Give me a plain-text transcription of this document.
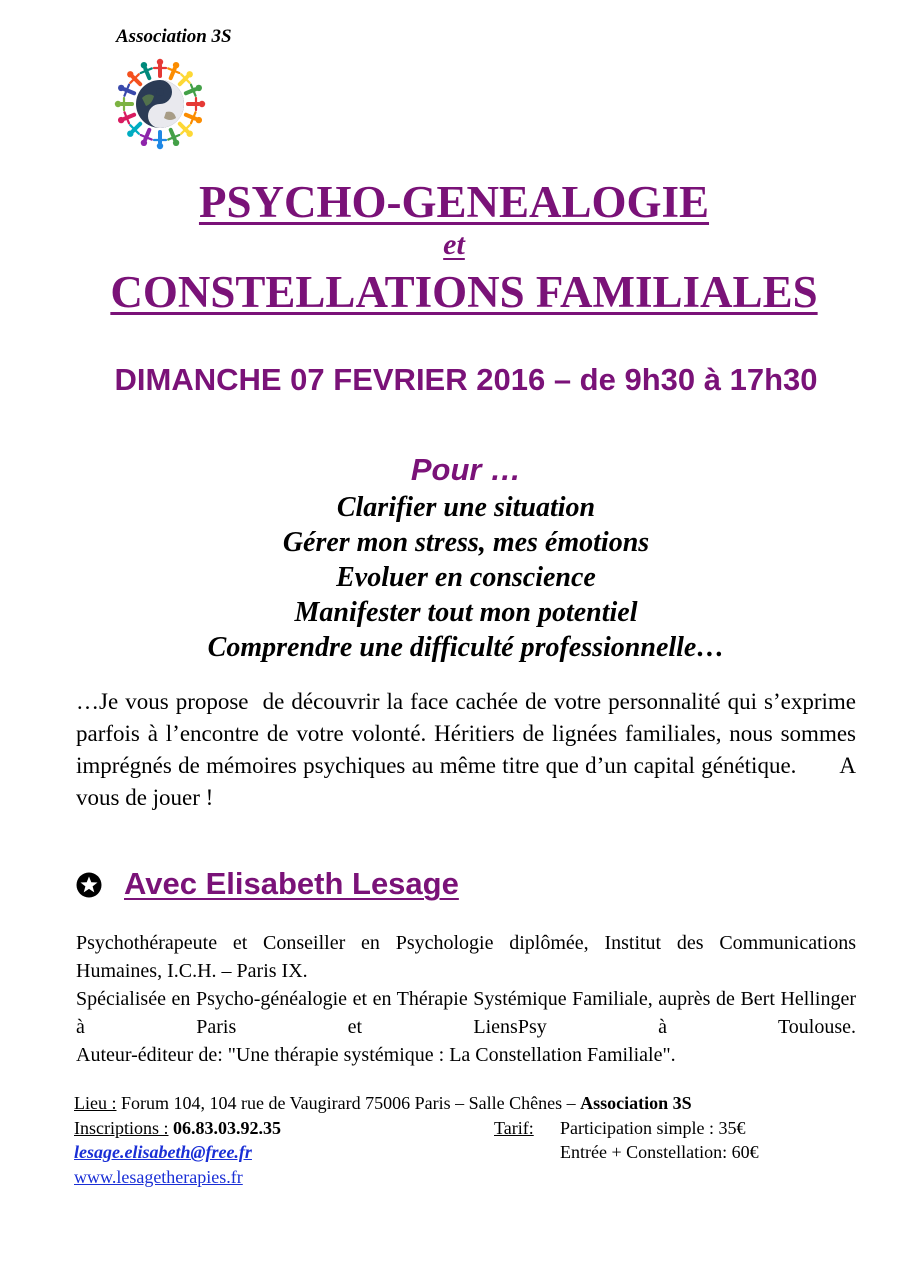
Association 3S
PSYCHO-GENEALOGIE
et
CONSTELLATIONS FAMILIALES
DIMANCHE 07 FEVRIER 2016 – de 9h30 à 17h30
Pour …
Clarifier une situation
Gérer mon stress, mes émotions
Evoluer en conscience
Manifester tout mon potentiel
Comprendre une difficulté professionnelle…
…Je vous propose  de découvrir la face cachée de votre personnalité qui s’exprime parfois à l’encontre de votre volonté. Héritiers de lignées familiales, nous sommes imprégnés de mémoires psychiques au même titre que d’un capital génétique.       A vous de jouer !
Avec Elisabeth Lesage

Psychothérapeute et Conseiller en Psychologie diplômée, Institut des Communications Humaines, I.C.H. – Paris IX.

Spécialisée en Psycho-généalogie et en Thérapie Systémique Familiale, auprès de Bert Hellinger à Paris et LiensPsy à Toulouse.

Auteur-éditeur de: "Une thérapie systémique : La Constellation Familiale".

Lieu : Forum 104, 104 rue de Vaugirard 75006 Paris – Salle Chênes – Association 3S
Inscriptions : 06.83.03.92.35	Tarif: Participation simple : 35€
lesage.elisabeth@free.fr	Entrée + Constellation: 60€
www.lesagetherapies.fr
